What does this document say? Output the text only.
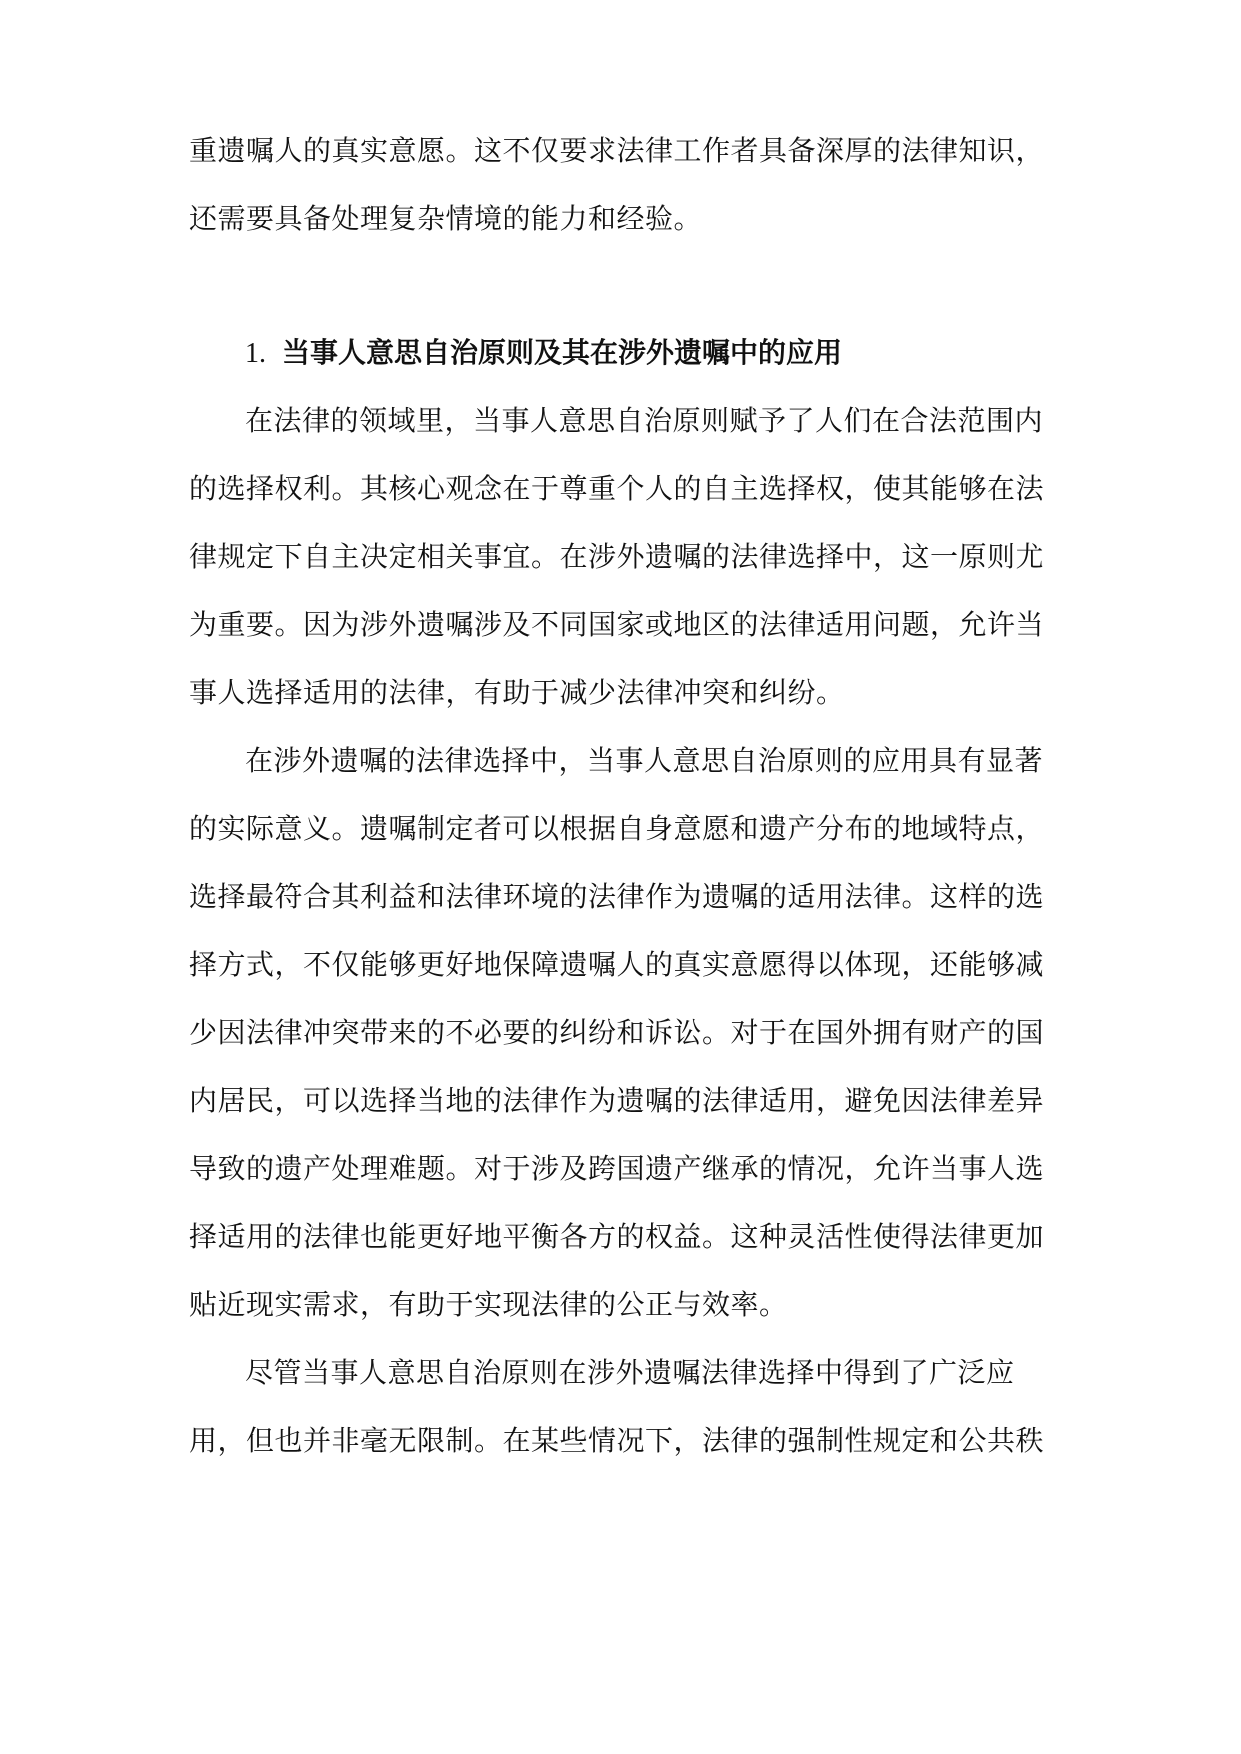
重遗嘱人的真实意愿。这不仅要求法律工作者具备深厚的法律知识，
还需要具备处理复杂情境的能力和经验。
1. 当事人意思自治原则及其在涉外遗嘱中的应用
在法律的领域里，当事人意思自治原则赋予了人们在合法范围内
的选择权利。其核心观念在于尊重个人的自主选择权，使其能够在法
律规定下自主决定相关事宜。在涉外遗嘱的法律选择中，这一原则尤
为重要。因为涉外遗嘱涉及不同国家或地区的法律适用问题，允许当
事人选择适用的法律，有助于减少法律冲突和纠纷。
在涉外遗嘱的法律选择中，当事人意思自治原则的应用具有显著
的实际意义。遗嘱制定者可以根据自身意愿和遗产分布的地域特点，
选择最符合其利益和法律环境的法律作为遗嘱的适用法律。这样的选
择方式，不仅能够更好地保障遗嘱人的真实意愿得以体现，还能够减
少因法律冲突带来的不必要的纠纷和诉讼。对于在国外拥有财产的国
内居民，可以选择当地的法律作为遗嘱的法律适用，避免因法律差异
导致的遗产处理难题。对于涉及跨国遗产继承的情况，允许当事人选
择适用的法律也能更好地平衡各方的权益。这种灵活性使得法律更加
贴近现实需求，有助于实现法律的公正与效率。
尽管当事人意思自治原则在涉外遗嘱法律选择中得到了广泛应
用，但也并非毫无限制。在某些情况下，法律的强制性规定和公共秩
